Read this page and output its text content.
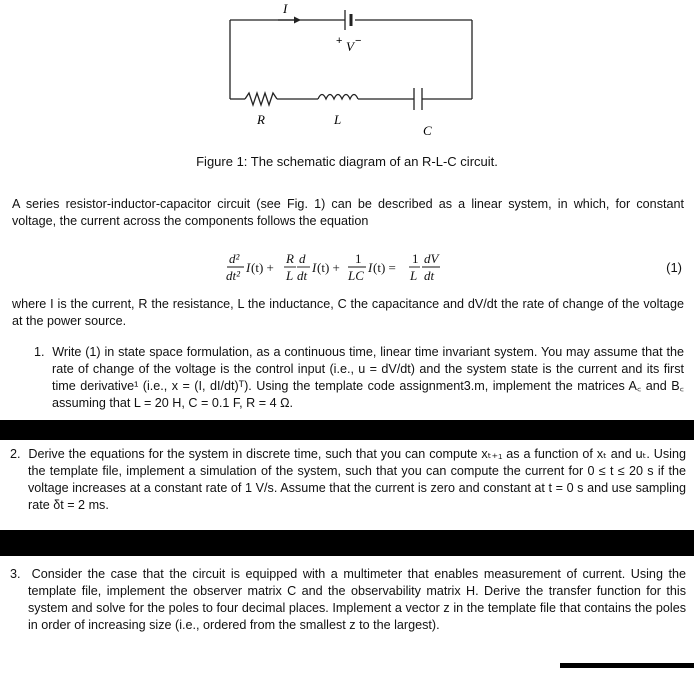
I
+ V −
R	L
C
Figure 1: The schematic diagram of an R-L-C circuit.
A series resistor-inductor-capacitor circuit (see Fig. 1) can be described as a linear system, in which, for constant voltage, the current across the components follows the equation
d²
dt²
I (t) +
R d
L dt
I (t) +
1
LC
I (t) =
1 dV
L dt
(1)
where I is the current, R the resistance, L the inductance, C the capacitance and dV/dt the rate of change of the voltage at the power source.
1. Write (1) in state space formulation, as a continuous time, linear time invariant system. You may assume that the rate of change of the voltage is the control input (i.e., u = dV/dt) and the system state is the current and its first time derivative¹ (i.e., x = (I, dI/dt)ᵀ). Using the template code assignment3.m, implement the matrices A꜀ and B꜀ assuming that L = 20 H, C = 0.1 F, R = 4 Ω.
2. Derive the equations for the system in discrete time, such that you can compute xₜ₊₁ as a function of xₜ and uₜ. Using the template file, implement a simulation of the system, such that you can compute the current for 0 ≤ t ≤ 20 s if the voltage increases at a constant rate of 1 V/s. Assume that the current is zero and constant at t = 0 s and use sampling rate δt = 2 ms.
3. Consider the case that the circuit is equipped with a multimeter that enables measurement of current. Using the template file, implement the observer matrix C and the observability matrix H. Derive the transfer function for this system and solve for the poles to four decimal places. Implement a vector z in the template file that contains the poles in order of increasing size (i.e., ordered from the smallest z to the largest).
